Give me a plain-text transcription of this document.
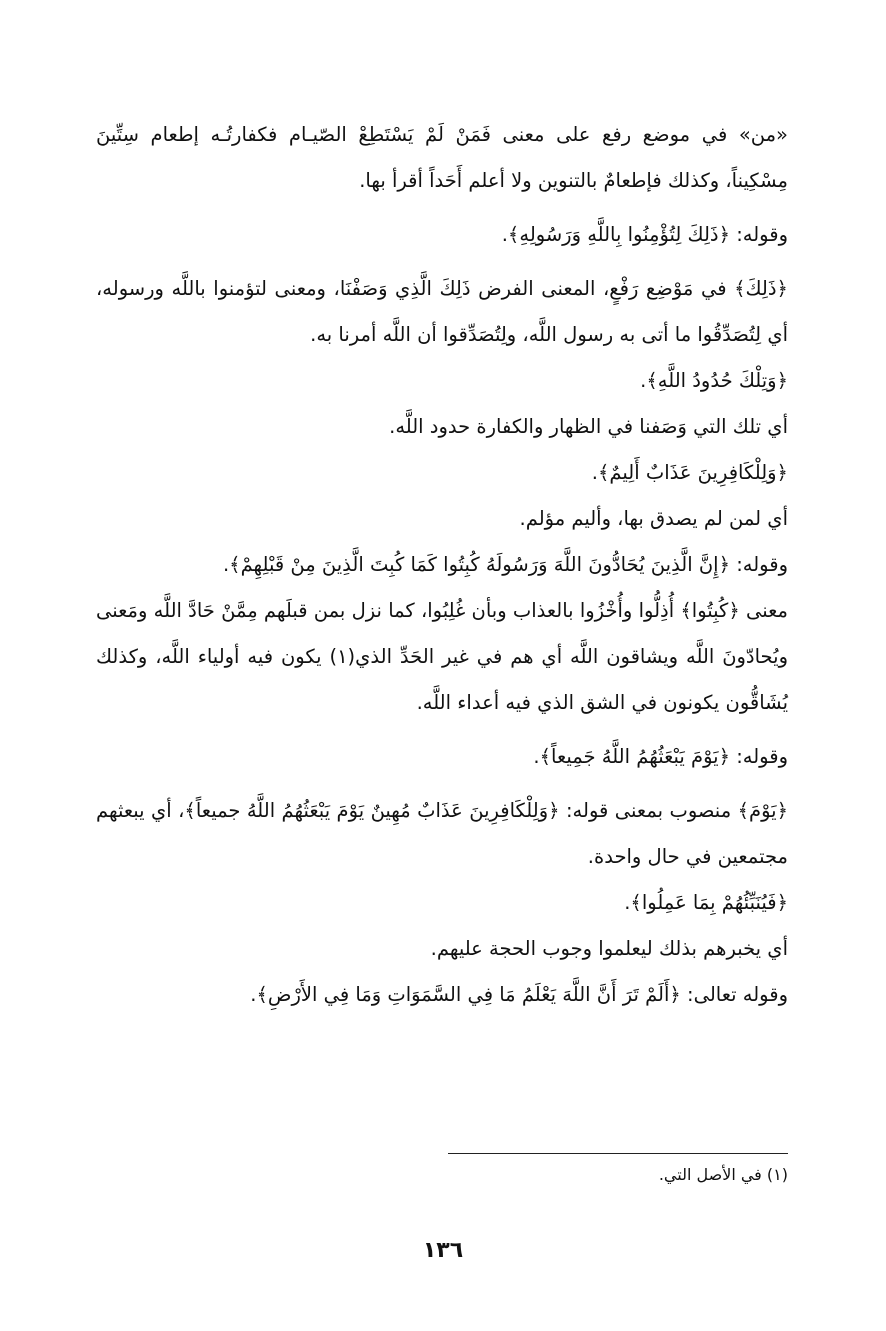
«من» في موضع رفع على معنى فَمَنْ لَمْ يَسْتَطِعْ الصّيـام فكفارتُـه إطعام سِتِّينَ مِسْكِيناً، وكذلك فإطعامٌ بالتنوين ولا أعلم أَحَداً أقرأ بها.

وقوله: ﴿ذَلِكَ لِتُؤْمِنُوا بِاللَّهِ وَرَسُولِهِ﴾.

﴿ذَلِكَ﴾ في مَوْضِع رَفْعٍ، المعنى الفرض ذَلِكَ الَّذِي وَصَفْنَا، ومعنى لتؤمنوا باللَّه ورسوله، أي لِتُصَدِّقُوا ما أتى به رسول اللَّه، ولِتُصَدِّقوا أن اللَّه أمرنا به.

﴿وَتِلْكَ حُدُودُ اللَّهِ﴾.

أي تلك التي وَصَفنا في الظهار والكفارة حدود اللَّه.

﴿وَلِلْكَافِرِينَ عَذَابٌ أَلِيمٌ﴾.

أي لمن لم يصدق بها، وأليم مؤلم.

وقوله: ﴿إِنَّ الَّذِينَ يُحَادُّونَ اللَّهَ وَرَسُولَهُ كُبِتُوا كَمَا كُبِتَ الَّذِينَ مِنْ قَبْلِهِمْ﴾.

معنى ﴿كُبِتُوا﴾ أُذِلُّوا وأُخْزُوا بالعذاب وبأن غُلِبُوا، كما نزل بمن قبلَهم مِمَّنْ حَادَّ اللَّه ومَعنى ويُحادّونَ اللَّه ويشاقون اللَّه أي هم في غير الحَدِّ الذي(١) يكون فيه أولياء اللَّه، وكذلك يُشَاقُّون يكونون في الشق الذي فيه أعداء اللَّه.

وقوله: ﴿يَوْمَ يَبْعَثُهُمُ اللَّهُ جَمِيعاً﴾.

﴿يَوْمَ﴾ منصوب بمعنى قوله: ﴿وَلِلْكَافِرِينَ عَذَابٌ مُهِينٌ يَوْمَ يَبْعَثُهُمُ اللَّهُ جميعاً﴾، أي يبعثهم مجتمعين في حال واحدة.

﴿فَيُنَبِّئُهُمْ بِمَا عَمِلُوا﴾.

أي يخبرهم بذلك ليعلموا وجوب الحجة عليهم.

وقوله تعالى: ﴿أَلَمْ تَرَ أَنَّ اللَّهَ يَعْلَمُ مَا فِي السَّمَوَاتِ وَمَا فِي الأَرْضِ﴾.

(١) في الأصل التي.
١٣٦
